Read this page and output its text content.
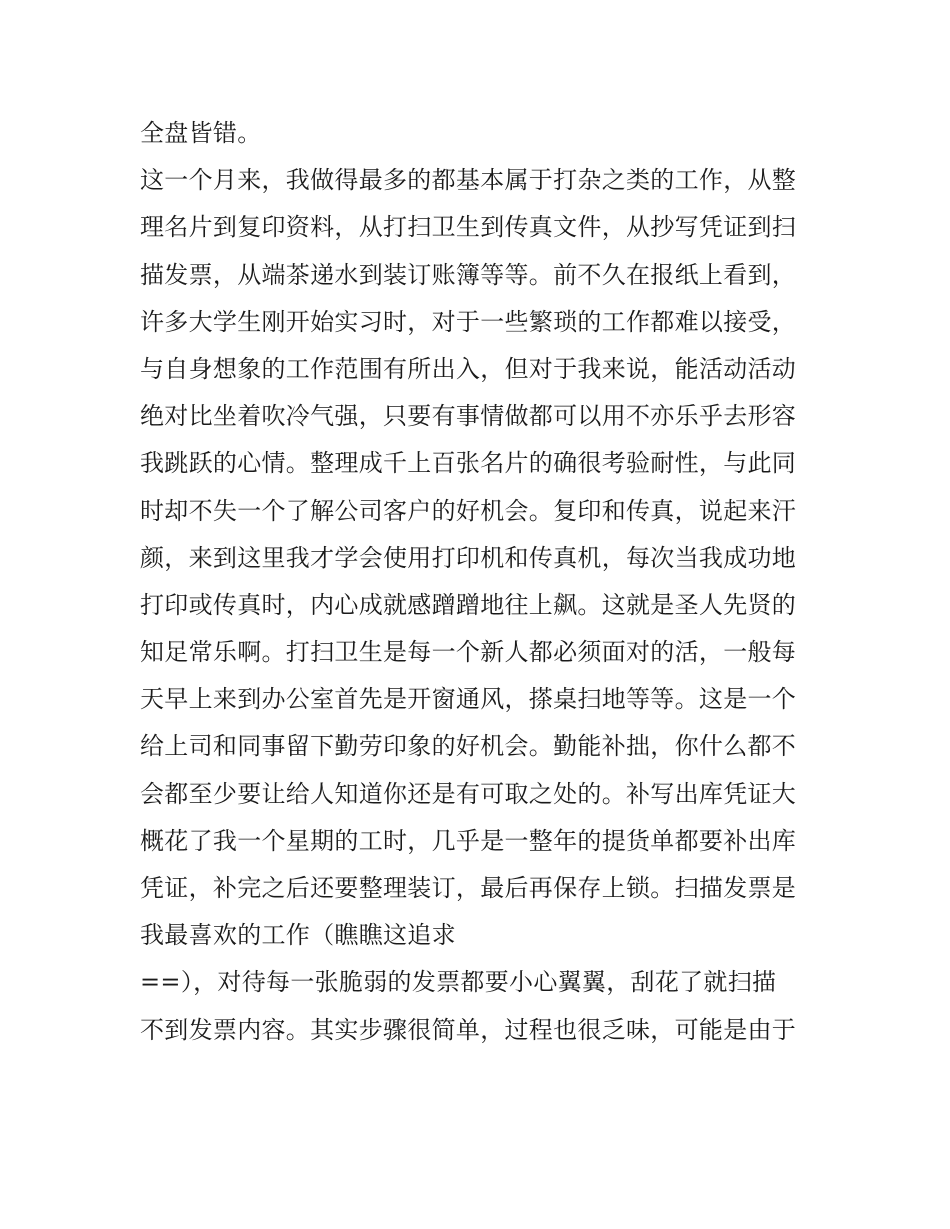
全盘皆错。
这一个月来，我做得最多的都基本属于打杂之类的工作，从整
理名片到复印资料，从打扫卫生到传真文件，从抄写凭证到扫
描发票，从端茶递水到装订账簿等等。前不久在报纸上看到，
许多大学生刚开始实习时，对于一些繁琐的工作都难以接受，
与自身想象的工作范围有所出入，但对于我来说，能活动活动
绝对比坐着吹冷气强，只要有事情做都可以用不亦乐乎去形容
我跳跃的心情。整理成千上百张名片的确很考验耐性，与此同
时却不失一个了解公司客户的好机会。复印和传真，说起来汗
颜，来到这里我才学会使用打印机和传真机，每次当我成功地
打印或传真时，内心成就感蹭蹭地往上飙。这就是圣人先贤的
知足常乐啊。打扫卫生是每一个新人都必须面对的活，一般每
天早上来到办公室首先是开窗通风，搽桌扫地等等。这是一个
给上司和同事留下勤劳印象的好机会。勤能补拙，你什么都不
会都至少要让给人知道你还是有可取之处的。补写出库凭证大
概花了我一个星期的工时，几乎是一整年的提货单都要补出库
凭证，补完之后还要整理装订，最后再保存上锁。扫描发票是
我最喜欢的工作（瞧瞧这追求
==），对待每一张脆弱的发票都要小心翼翼，刮花了就扫描
不到发票内容。其实步骤很简单，过程也很乏味，可能是由于
